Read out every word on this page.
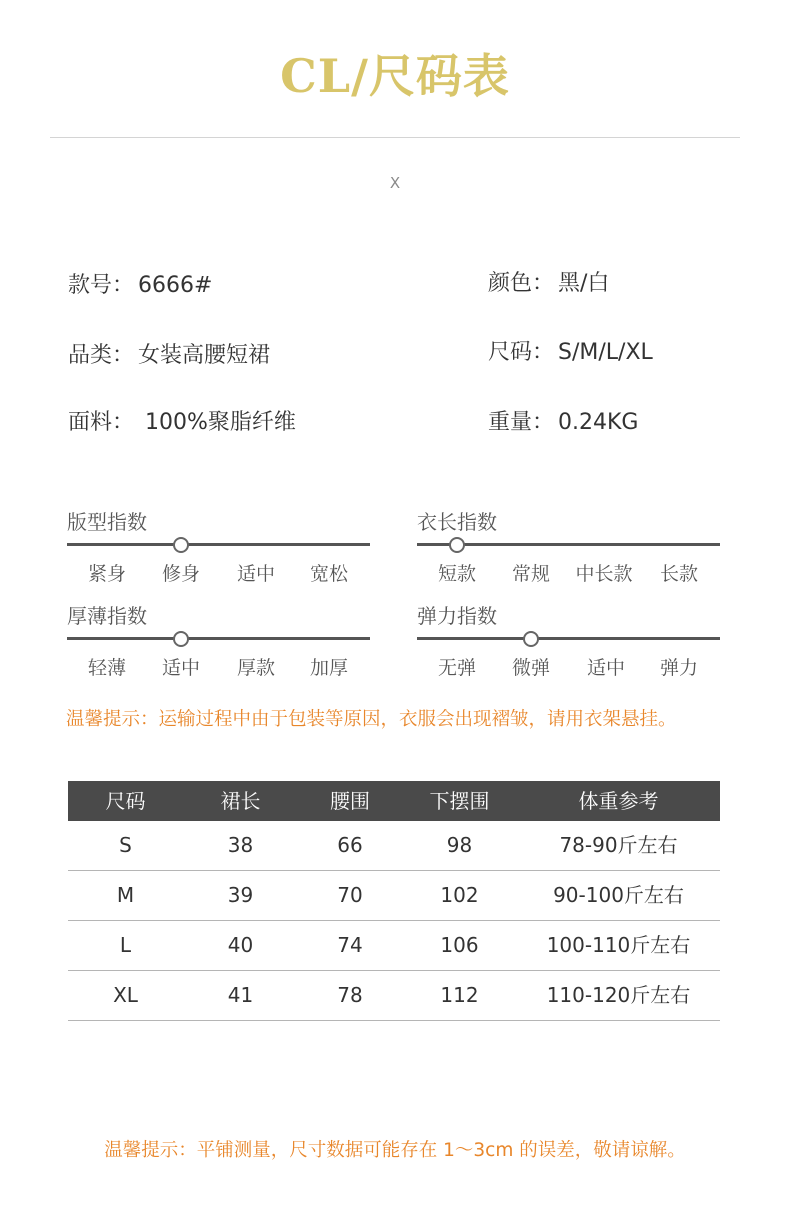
CL/尺码表
X
款号： 6666#	颜色： 黑/白
品类： 女装高腰短裙	尺码： S/M/L/XL
面料： 100%聚脂纤维	重量： 0.24KG
版型指数
紧身	修身	适中	宽松
衣长指数
短款	常规	中长款	长款
厚薄指数
轻薄	适中	厚款	加厚
弹力指数
无弹	微弹	适中	弹力
温馨提示：运输过程中由于包装等原因，衣服会出现褶皱，请用衣架悬挂。
尺码	裙长	腰围	下摆围	体重参考
S	38	66	98	78-90斤左右
M	39	70	102	90-100斤左右
L	40	74	106	100-110斤左右
XL	41	78	112	110-120斤左右
温馨提示：平铺测量，尺寸数据可能存在 1～3cm 的误差，敬请谅解。
